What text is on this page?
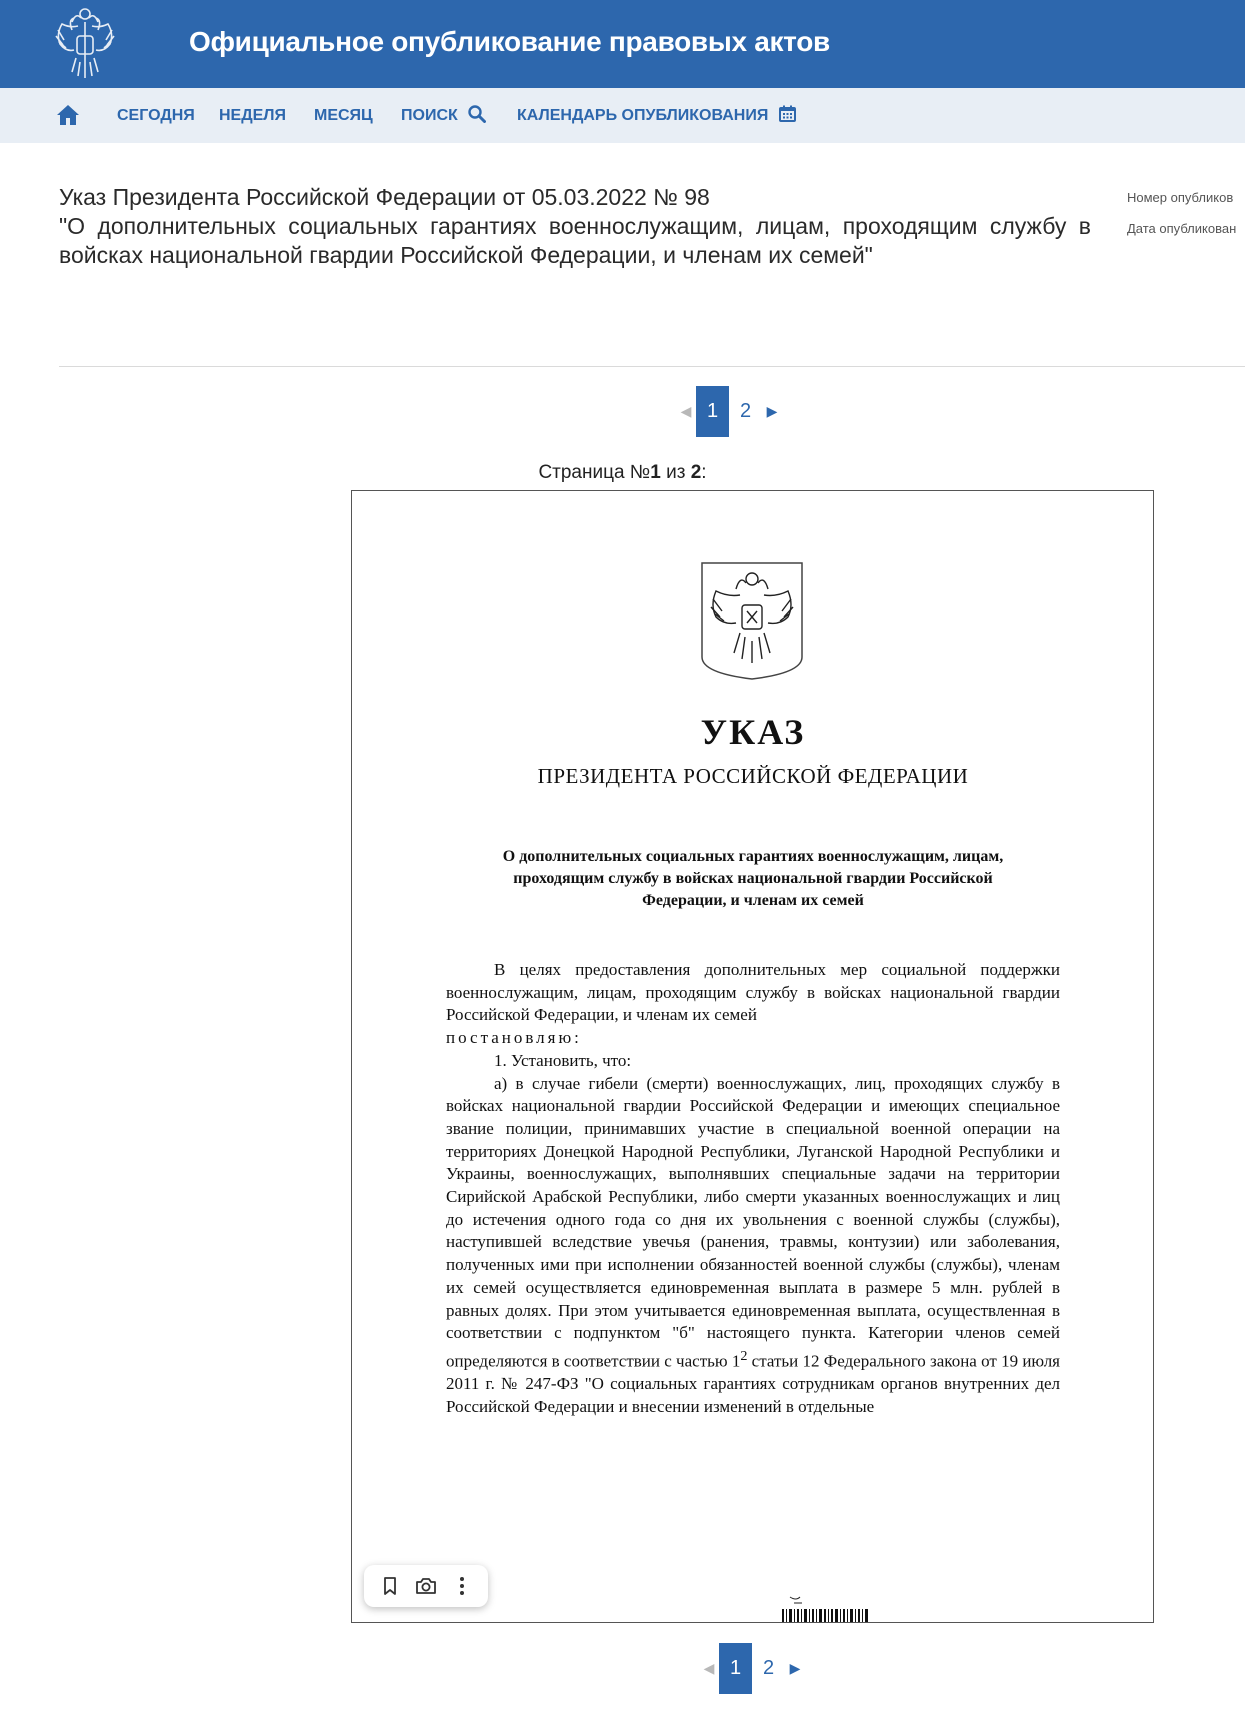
Официальное опубликование правовых актов
СЕГОДНЯ НЕДЕЛЯ МЕСЯЦ ПОИСК	КАЛЕНДАРЬ ОПУБЛИКОВАНИЯ
Указ Президента Российской Федерации от 05.03.2022 № 98
"О дополнительных социальных гарантиях военнослужащим, лицам, проходящим службу в войсках национальной гвардии Российской Федерации, и членам их семей"
Номер опубликов
Дата опубликован
◀ 1	2	▶
Страница №1 из 2:
УКАЗ
ПРЕЗИДЕНТА РОССИЙСКОЙ ФЕДЕРАЦИИ
О дополнительных социальных гарантиях военнослужащим, лицам, проходящим службу в войсках национальной гвардии Российской Федерации, и членам их семей

В целях предоставления дополнительных мер социальной поддержки военнослужащим, лицам, проходящим службу в войсках национальной гвардии Российской Федерации, и членам их семей

постановляю:

1. Установить, что:

а) в случае гибели (смерти) военнослужащих, лиц, проходящих службу в войсках национальной гвардии Российской Федерации и имеющих специальное звание полиции, принимавших участие в специальной военной операции на территориях Донецкой Народной Республики, Луганской Народной Республики и Украины, военнослужащих, выполнявших специальные задачи на территории Сирийской Арабской Республики, либо смерти указанных военнослужащих и лиц до истечения одного года со дня их увольнения с военной службы (службы), наступившей вследствие увечья (ранения, травмы, контузии) или заболевания, полученных ими при исполнении обязанностей военной службы (службы), членам их семей осуществляется единовременная выплата в размере 5 млн. рублей в равных долях. При этом учитывается единовременная выплата, осуществленная в соответствии с подпунктом "б" настоящего пункта. Категории членов семей определяются в соответствии с частью $1^2$ статьи 12 Федерального закона от 19 июля 2011 г. № 247-ФЗ "О социальных гарантиях сотрудникам органов внутренних дел Российской Федерации и внесении изменений в отдельные

◀ 1	2	▶
